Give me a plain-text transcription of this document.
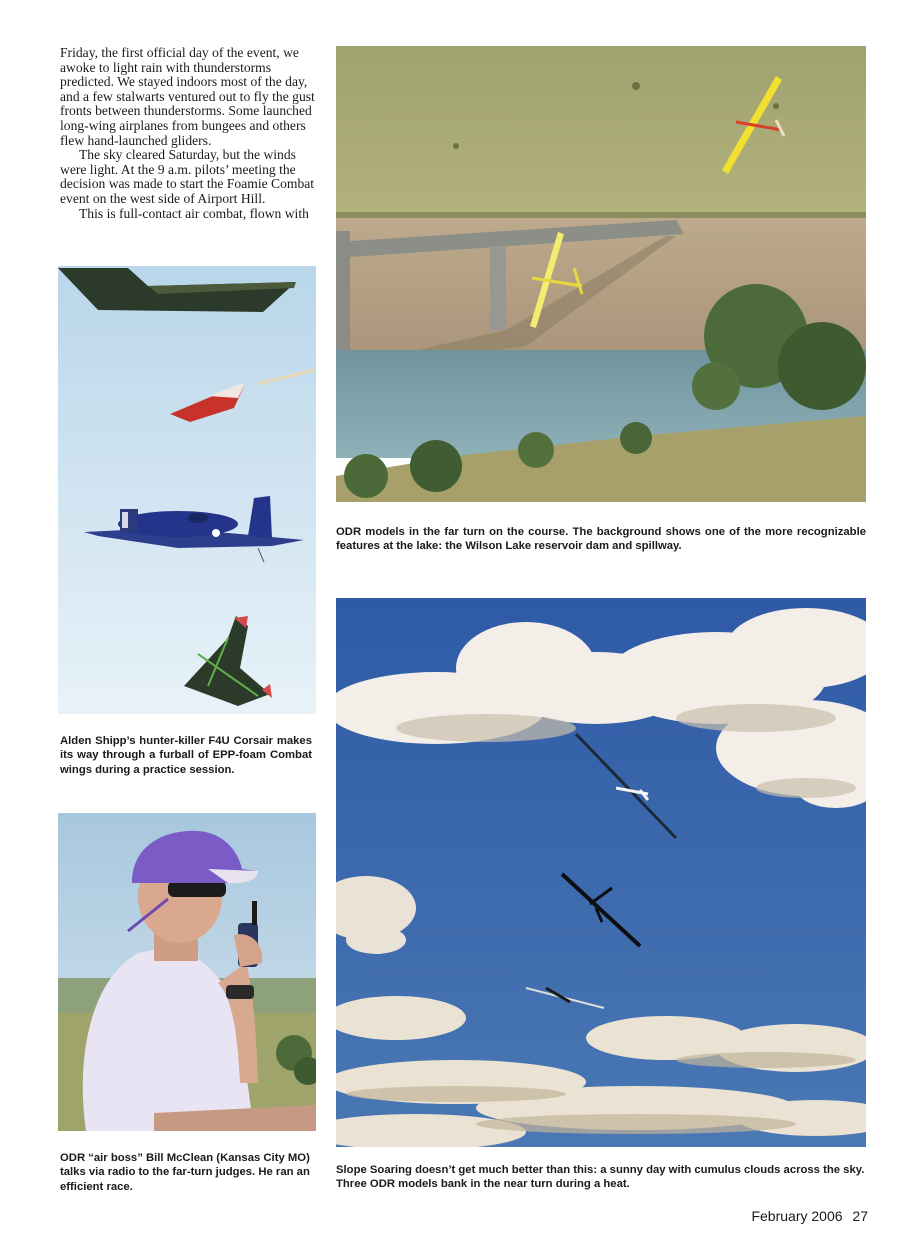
Friday, the first official day of the event, we awoke to light rain with thunderstorms predicted. We stayed indoors most of the day, and a few stalwarts ventured out to fly the gust fronts between thunderstorms. Some launched long-wing airplanes from bungees and others flew hand-launched gliders.

The sky cleared Saturday, but the winds were light. At the 9 a.m. pilots’ meeting the decision was made to start the Foamie Combat event on the west side of Airport Hill.

This is full-contact air combat, flown with

Alden Shipp’s hunter-killer F4U Corsair makes its way through a furball of EPP-foam Combat wings during a practice session.
ODR “air boss” Bill McClean (Kansas City MO) talks via radio to the far-turn judges. He ran an efficient race.
ODR models in the far turn on the course. The background shows one of the more recognizable features at the lake: the Wilson Lake reservoir dam and spillway.
Slope Soaring doesn’t get much better than this: a sunny day with cumulus clouds across the sky. Three ODR models bank in the near turn during a heat.
February 2006 27
